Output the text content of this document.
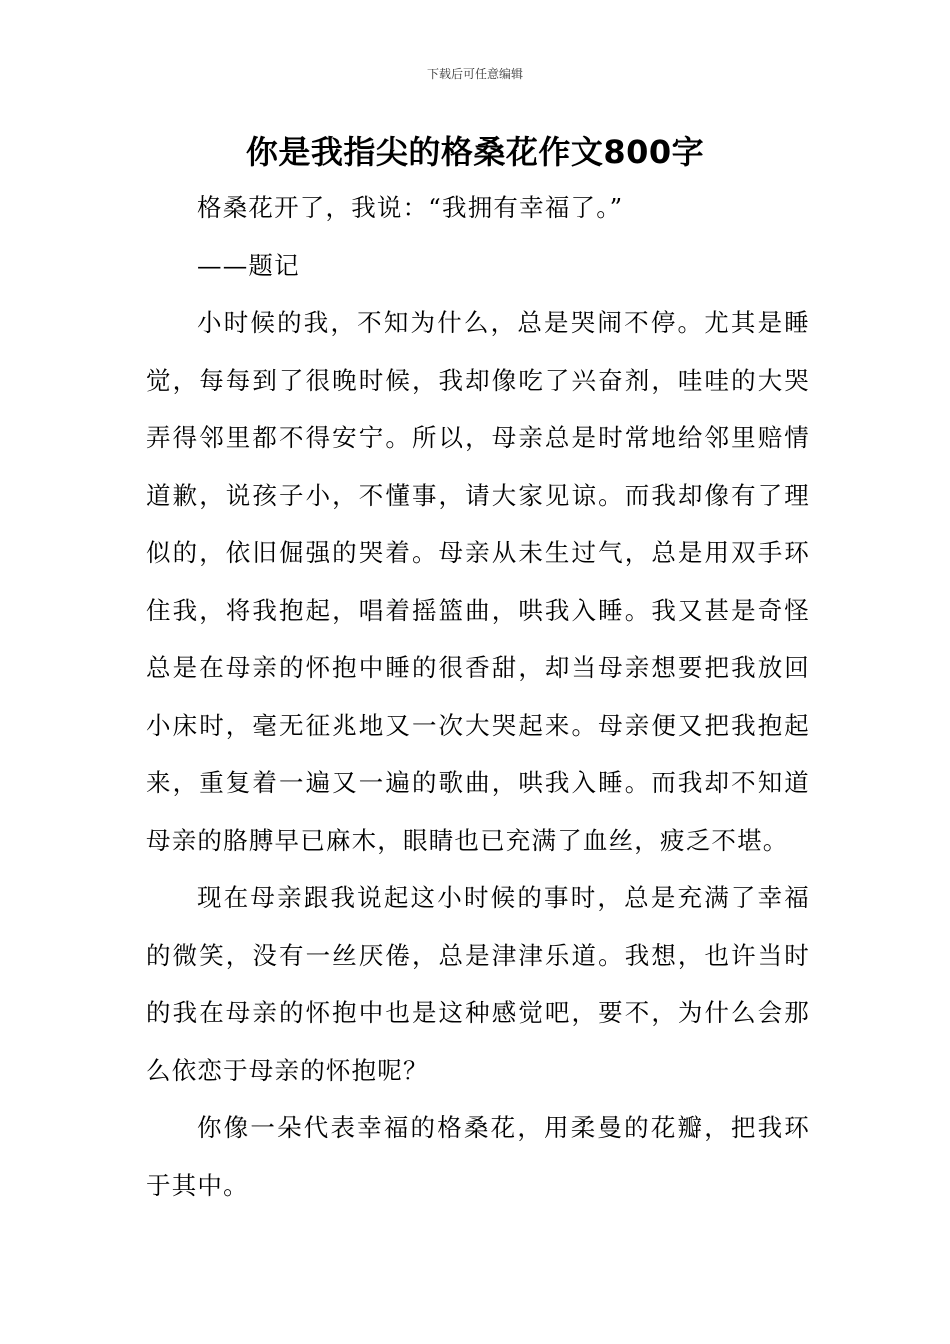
下载后可任意编辑
你是我指尖的格桑花作文800字

格桑花开了，我说：“我拥有幸福了。”

——题记

小时候的我，不知为什么，总是哭闹不停。尤其是睡觉，每每到了很晚时候，我却像吃了兴奋剂，哇哇的大哭弄得邻里都不得安宁。所以，母亲总是时常地给邻里赔情道歉，说孩子小，不懂事，请大家见谅。而我却像有了理似的，依旧倔强的哭着。母亲从未生过气，总是用双手环住我，将我抱起，唱着摇篮曲，哄我入睡。我又甚是奇怪总是在母亲的怀抱中睡的很香甜，却当母亲想要把我放回小床时，毫无征兆地又一次大哭起来。母亲便又把我抱起来，重复着一遍又一遍的歌曲，哄我入睡。而我却不知道母亲的胳膊早已麻木，眼睛也已充满了血丝，疲乏不堪。

现在母亲跟我说起这小时候的事时，总是充满了幸福的微笑，没有一丝厌倦，总是津津乐道。我想，也许当时的我在母亲的怀抱中也是这种感觉吧，要不，为什么会那么依恋于母亲的怀抱呢？

你像一朵代表幸福的格桑花，用柔曼的花瓣，把我环于其中。
